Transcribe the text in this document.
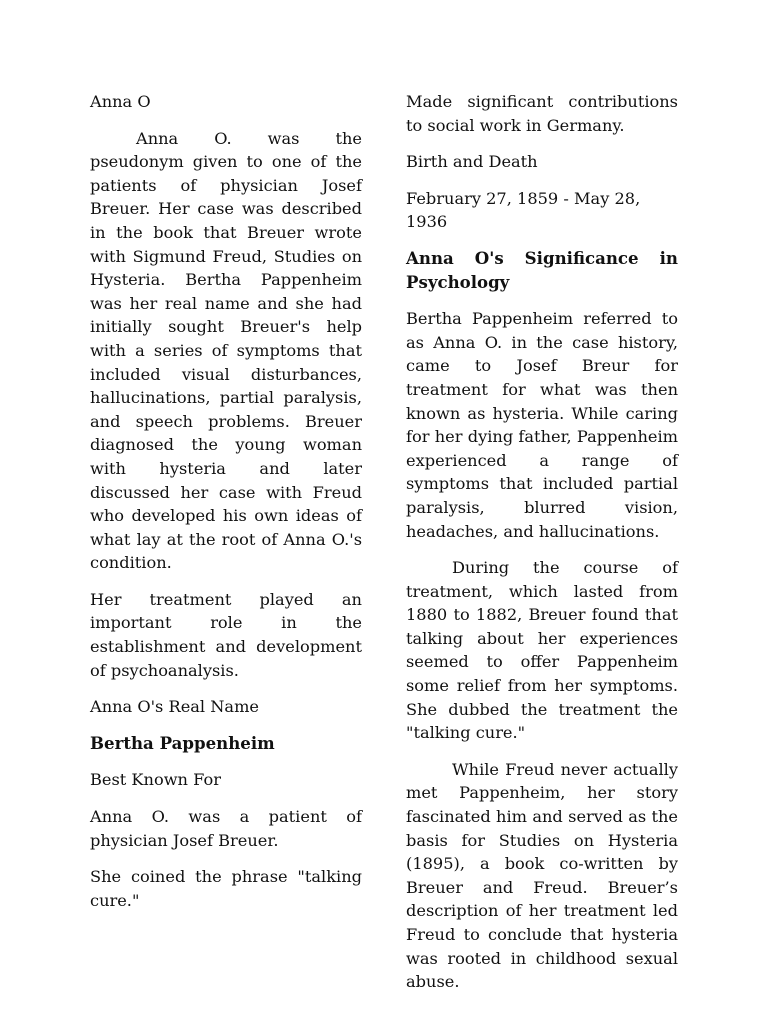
Anna O

Anna O. was the pseudonym given to one of the patients of physician Josef Breuer. Her case was described in the book that Breuer wrote with Sigmund Freud, Studies on Hysteria. Bertha Pappenheim was her real name and she had initially sought Breuer's help with a series of symptoms that included visual disturbances, hallucinations, partial paralysis, and speech problems. Breuer diagnosed the young woman with hysteria and later discussed her case with Freud who developed his own ideas of what lay at the root of Anna O.'s condition.

Her treatment played an important role in the establishment and development of psychoanalysis.

Anna O's Real Name

Bertha Pappenheim

Best Known For

Anna O. was a patient of physician Josef Breuer.

She coined the phrase "talking cure."

Made significant contributions to social work in Germany.

Birth and Death

February 27, 1859 - May 28, 1936

Anna O's Significance in Psychology

Bertha Pappenheim referred to as Anna O. in the case history, came to Josef Breur for treatment for what was then known as hysteria. While caring for her dying father, Pappenheim experienced a range of symptoms that included partial paralysis, blurred vision, headaches, and hallucinations.

During the course of treatment, which lasted from 1880 to 1882, Breuer found that talking about her experiences seemed to offer Pappenheim some relief from her symptoms. She dubbed the treatment the "talking cure."

While Freud never actually met Pappenheim, her story fascinated him and served as the basis for Studies on Hysteria (1895), a book co-written by Breuer and Freud. Breuer’s description of her treatment led Freud to conclude that hysteria was rooted in childhood sexual abuse.
